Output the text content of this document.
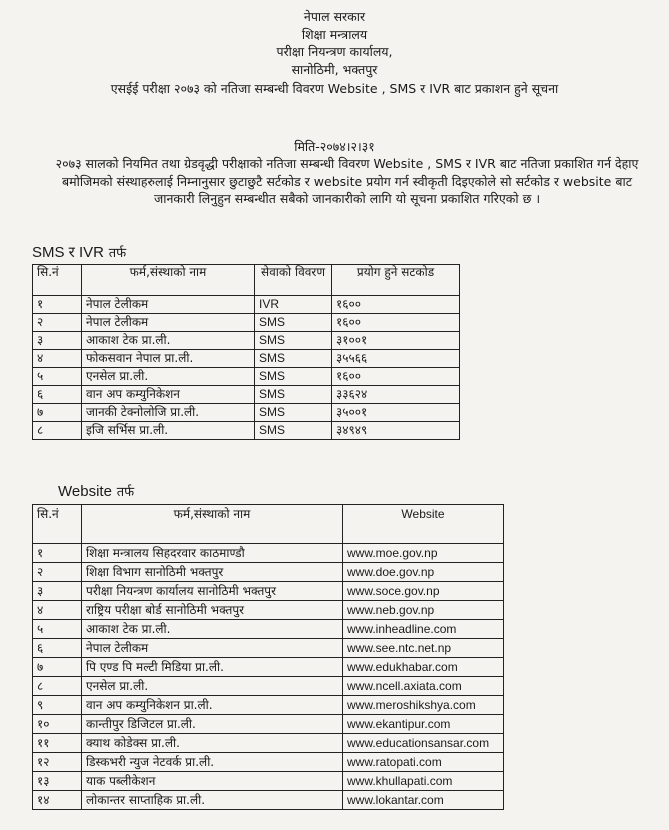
नेपाल सरकार
शिक्षा मन्त्रालय
परीक्षा नियन्त्रण कार्यालय,
सानोठिमी, भक्तपुर
एसईई परीक्षा २०७३ को नतिजा सम्बन्धी विवरण Website , SMS र IVR बाट प्रकाशन हुने सूचना
मिति-२०७४।२।३१
२०७३ सालको नियमित तथा ग्रेडवृद्धी परीक्षाको नतिजा सम्बन्धी विवरण Website , SMS र IVR बाट नतिजा प्रकाशित गर्न देहाए बमोजिमको संस्थाहरुलाई निम्नानुसार छुटाछुटै सर्टकोड र website प्रयोग गर्न स्वीकृती दिइएकोले सो सर्टकोड र website बाट जानकारी लिनुहुन सम्बन्धीत सबैको जानकारीको लागि यो सूचना प्रकाशित गरिएको छ ।
SMS र IVR तर्फ
सि.नं	फर्म,संस्थाको नाम	सेवाको विवरण	प्रयोग हुने सटकोड
१	नेपाल टेलीकम	IVR	१६००
२	नेपाल टेलीकम	SMS	१६००
३	आकाश टेक प्रा.ली.	SMS	३१००१
४	फोकसवान नेपाल प्रा.ली.	SMS	३५५६६
५	एनसेल प्रा.ली.	SMS	१६००
६	वान अप कम्युनिकेशन	SMS	३३६२४
७	जानकी टेक्नोलोजि प्रा.ली.	SMS	३५००१
८	इजि सर्भिस प्रा.ली.	SMS	३४९४९
Website तर्फ
सि.नं	फर्म,संस्थाको नाम	Website
१	शिक्षा मन्त्रालय सिहदरवार काठमाण्डौ	www.moe.gov.np
२	शिक्षा विभाग सानोठिमी भक्तपुर	www.doe.gov.np
३	परीक्षा नियन्त्रण कार्यालय सानोठिमी भक्तपुर	www.soce.gov.np
४	राष्ट्रिय परीक्षा बोर्ड सानोठिमी भक्तपुर	www.neb.gov.np
५	आकाश टेक प्रा.ली.	www.inheadline.com
६	नेपाल टेलीकम	www.see.ntc.net.np
७	पि एण्ड पि मल्टी मिडिया प्रा.ली.	www.edukhabar.com
८	एनसेल प्रा.ली.	www.ncell.axiata.com
९	वान अप कम्युनिकेशन प्रा.ली.	www.meroshikshya.com
१०	कान्तीपुर डिजिटल प्रा.ली.	www.ekantipur.com
११	क्याथ कोडेक्स प्रा.ली.	www.educationsansar.com
१२	डिस्कभरी न्युज नेटवर्क प्रा.ली.	www.ratopati.com
१३	याक पब्लीकेशन	www.khullapati.com
१४	लोकान्तर साप्ताहिक प्रा.ली.	www.lokantar.com
